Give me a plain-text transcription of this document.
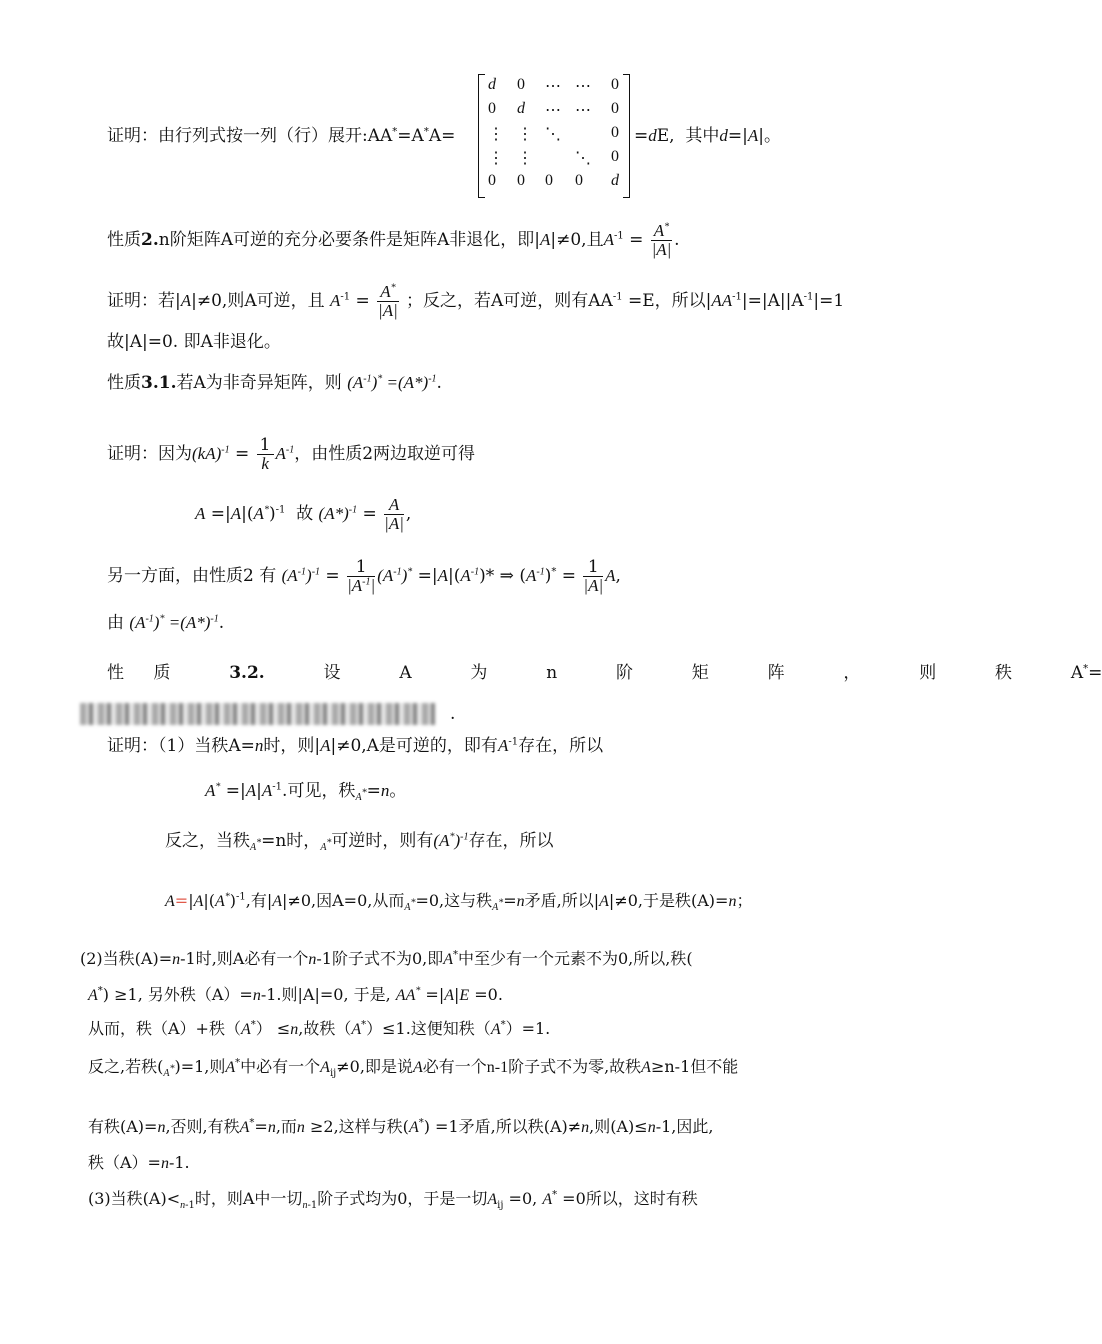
证明：由行列式按一列（行）展开:AA*=A*A=
d 0 ⋯ ⋯ 0
0 d ⋯ ⋯ 0
⋮ ⋮ ⋱	0
⋮ ⋮	⋱ 0
0 0 0 0 d
=dE,  其中d=|A|。
性质2.n阶矩阵A可逆的充分必要条件是矩阵A非退化，即|A|≠0,且$A^{-1} = \frac{A^*}{|A|}$ .
证明：若|A|≠0,则A可逆，且 $A^{-1} = \frac{A^*}{|A|}$ ；反之，若A可逆，则有$AA^{-1} =E$，所以$|AA^{-1}|=|A||A^{-1}|=1$
故|A|=0. 即A非退化。
性质3.1.若A为非奇异矩阵，则 $(A^{-1})^* =(A*)^{-1}$.
证明：因为$(kA)^{-1} = \frac{1}{k} A^{-1}$，由性质2两边取逆可得
$A =|A|(A^*)^{-1}$  故 $(A*)^{-1} = \frac{A}{|A|}$ ,
另一方面，由性质2 有 $(A^{-1})^{-1} = \frac{1}{|A^{-1}|} (A^{-1})^* =|A|(A^{-1})*$ ⇒ $(A^{-1})^* = \frac{1}{|A|} A$,
由 $(A^{-1})^* =(A*)^{-1}$.
性 质  3.2.  设  A  为  n  阶  矩  阵  ，  则  秩  A*=
.
证明：（1）当秩A=n时，则|A|≠0,A是可逆的，即有$A^{-1}$存在，所以
$A^* =|A|A^{-1}$.可见，秩$_{A^*}$=n。
反之，当秩$_{A^*}$=n时，$_{A^*}$可逆时，则有$(A^*)^{-1}$存在，所以
$A=|A|(A^*)^{-1}$,有|A|≠0,因A=0,从而$_{A^*}$=0,这与秩$_{A^*}$=n矛盾,所以|A|≠0,于是秩(A)=n；
(2)当秩(A)=n-1时,则A必有一个n-1阶子式不为0,即A*中至少有一个元素不为0,所以,秩(
A*) ≥1, 另外秩（A）=n-1.则|A|=0, 于是, AA* =|A|E =0.
从而，秩（A）+秩（A*） ≤n,故秩（A*）≤1.这便知秩（A*）=1.
反之,若秩$(_{A^*})=1$,则A*中必有一个$A_{ij}\ne 0$,即是说A必有一个n-1阶子式不为零,故秩A≥n-1但不能
有秩(A)=n,否则,有秩A*=n,而n ≥2,这样与秩(A*) =1矛盾,所以秩(A)≠n,则(A)≤n-1,因此,
秩（A）=n-1.
(3)当秩$(A)<_{n-1}$时，则A中一切$_{n-1}$阶子式均为0，于是一切$A_{ij} =0$, A* =0所以，这时有秩
